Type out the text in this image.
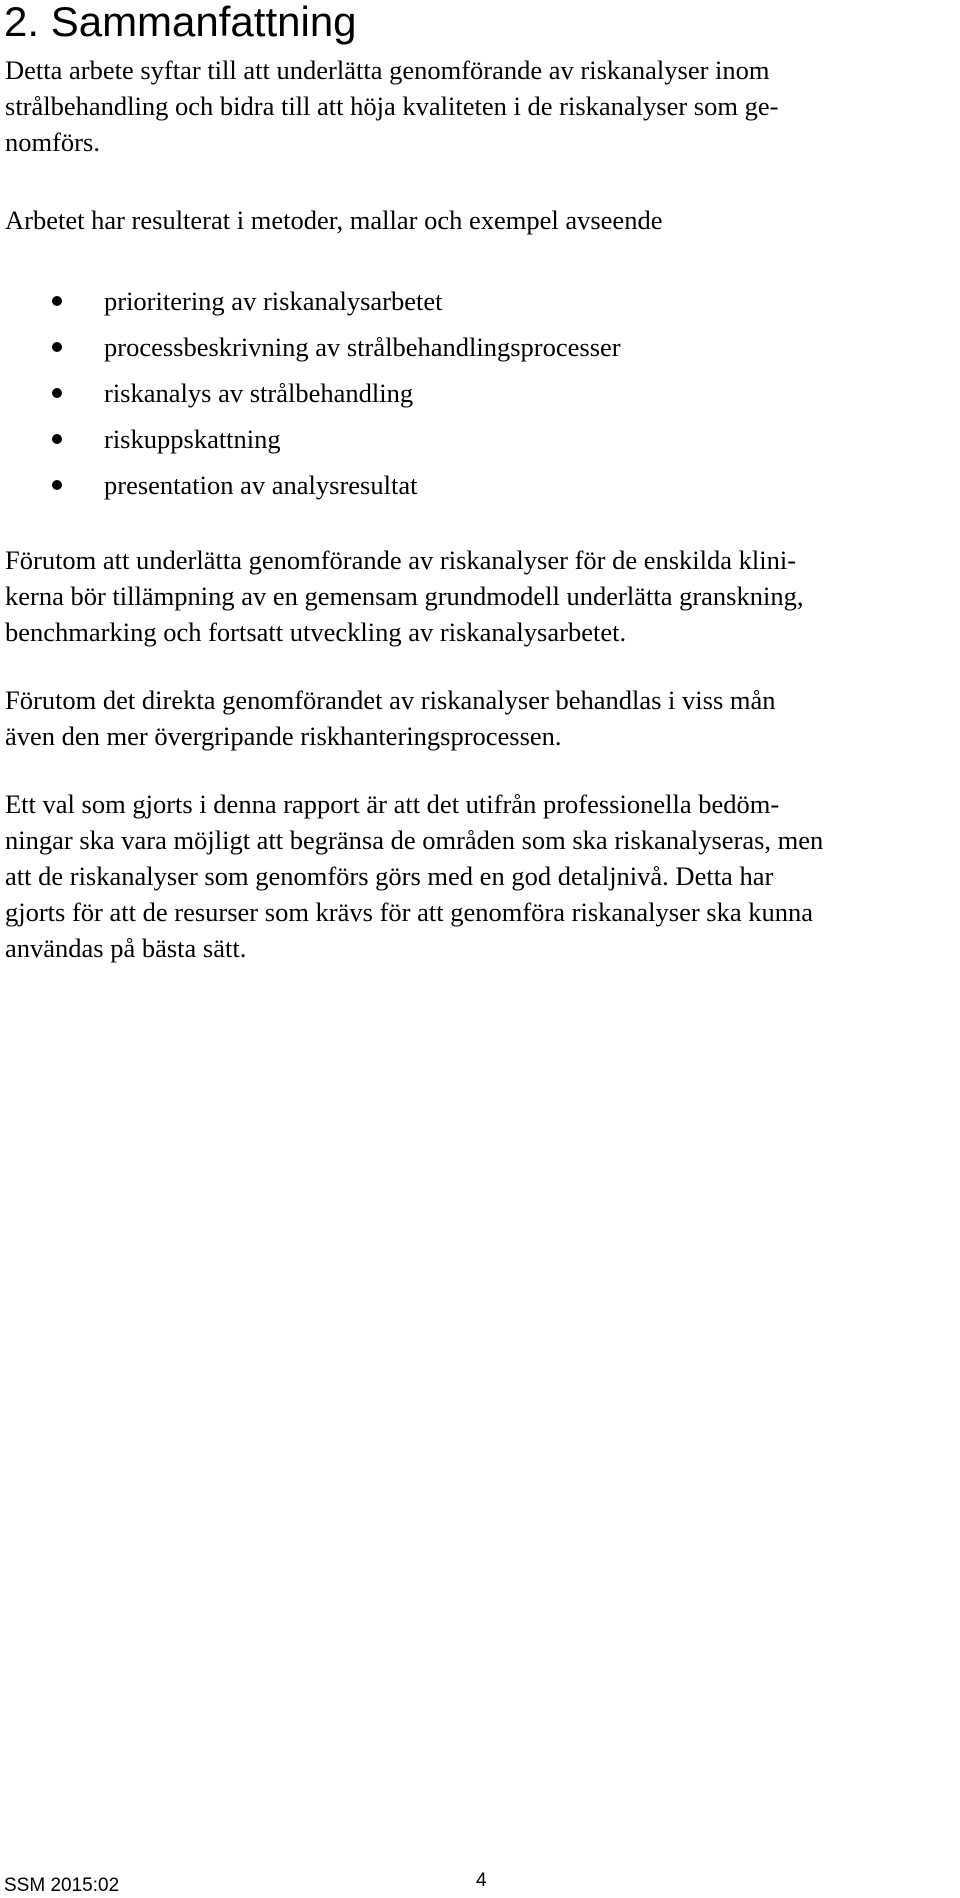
2. Sammanfattning

Detta arbete syftar till att underlätta genomförande av riskanalyser inom
strålbehandling och bidra till att höja kvaliteten i de riskanalyser som ge-
nomförs.

Arbetet har resulterat i metoder, mallar och exempel avseende

prioritering av riskanalysarbetet
processbeskrivning av strålbehandlingsprocesser
riskanalys av strålbehandling
riskuppskattning
presentation av analysresultat

Förutom att underlätta genomförande av riskanalyser för de enskilda klini-
kerna bör tillämpning av en gemensam grundmodell underlätta granskning,
benchmarking och fortsatt utveckling av riskanalysarbetet.

Förutom det direkta genomförandet av riskanalyser behandlas i viss mån
även den mer övergripande riskhanteringsprocessen.

Ett val som gjorts i denna rapport är att det utifrån professionella bedöm-
ningar ska vara möjligt att begränsa de områden som ska riskanalyseras, men
att de riskanalyser som genomförs görs med en god detaljnivå. Detta har
gjorts för att de resurser som krävs för att genomföra riskanalyser ska kunna
användas på bästa sätt.

SSM 2015:02	4
